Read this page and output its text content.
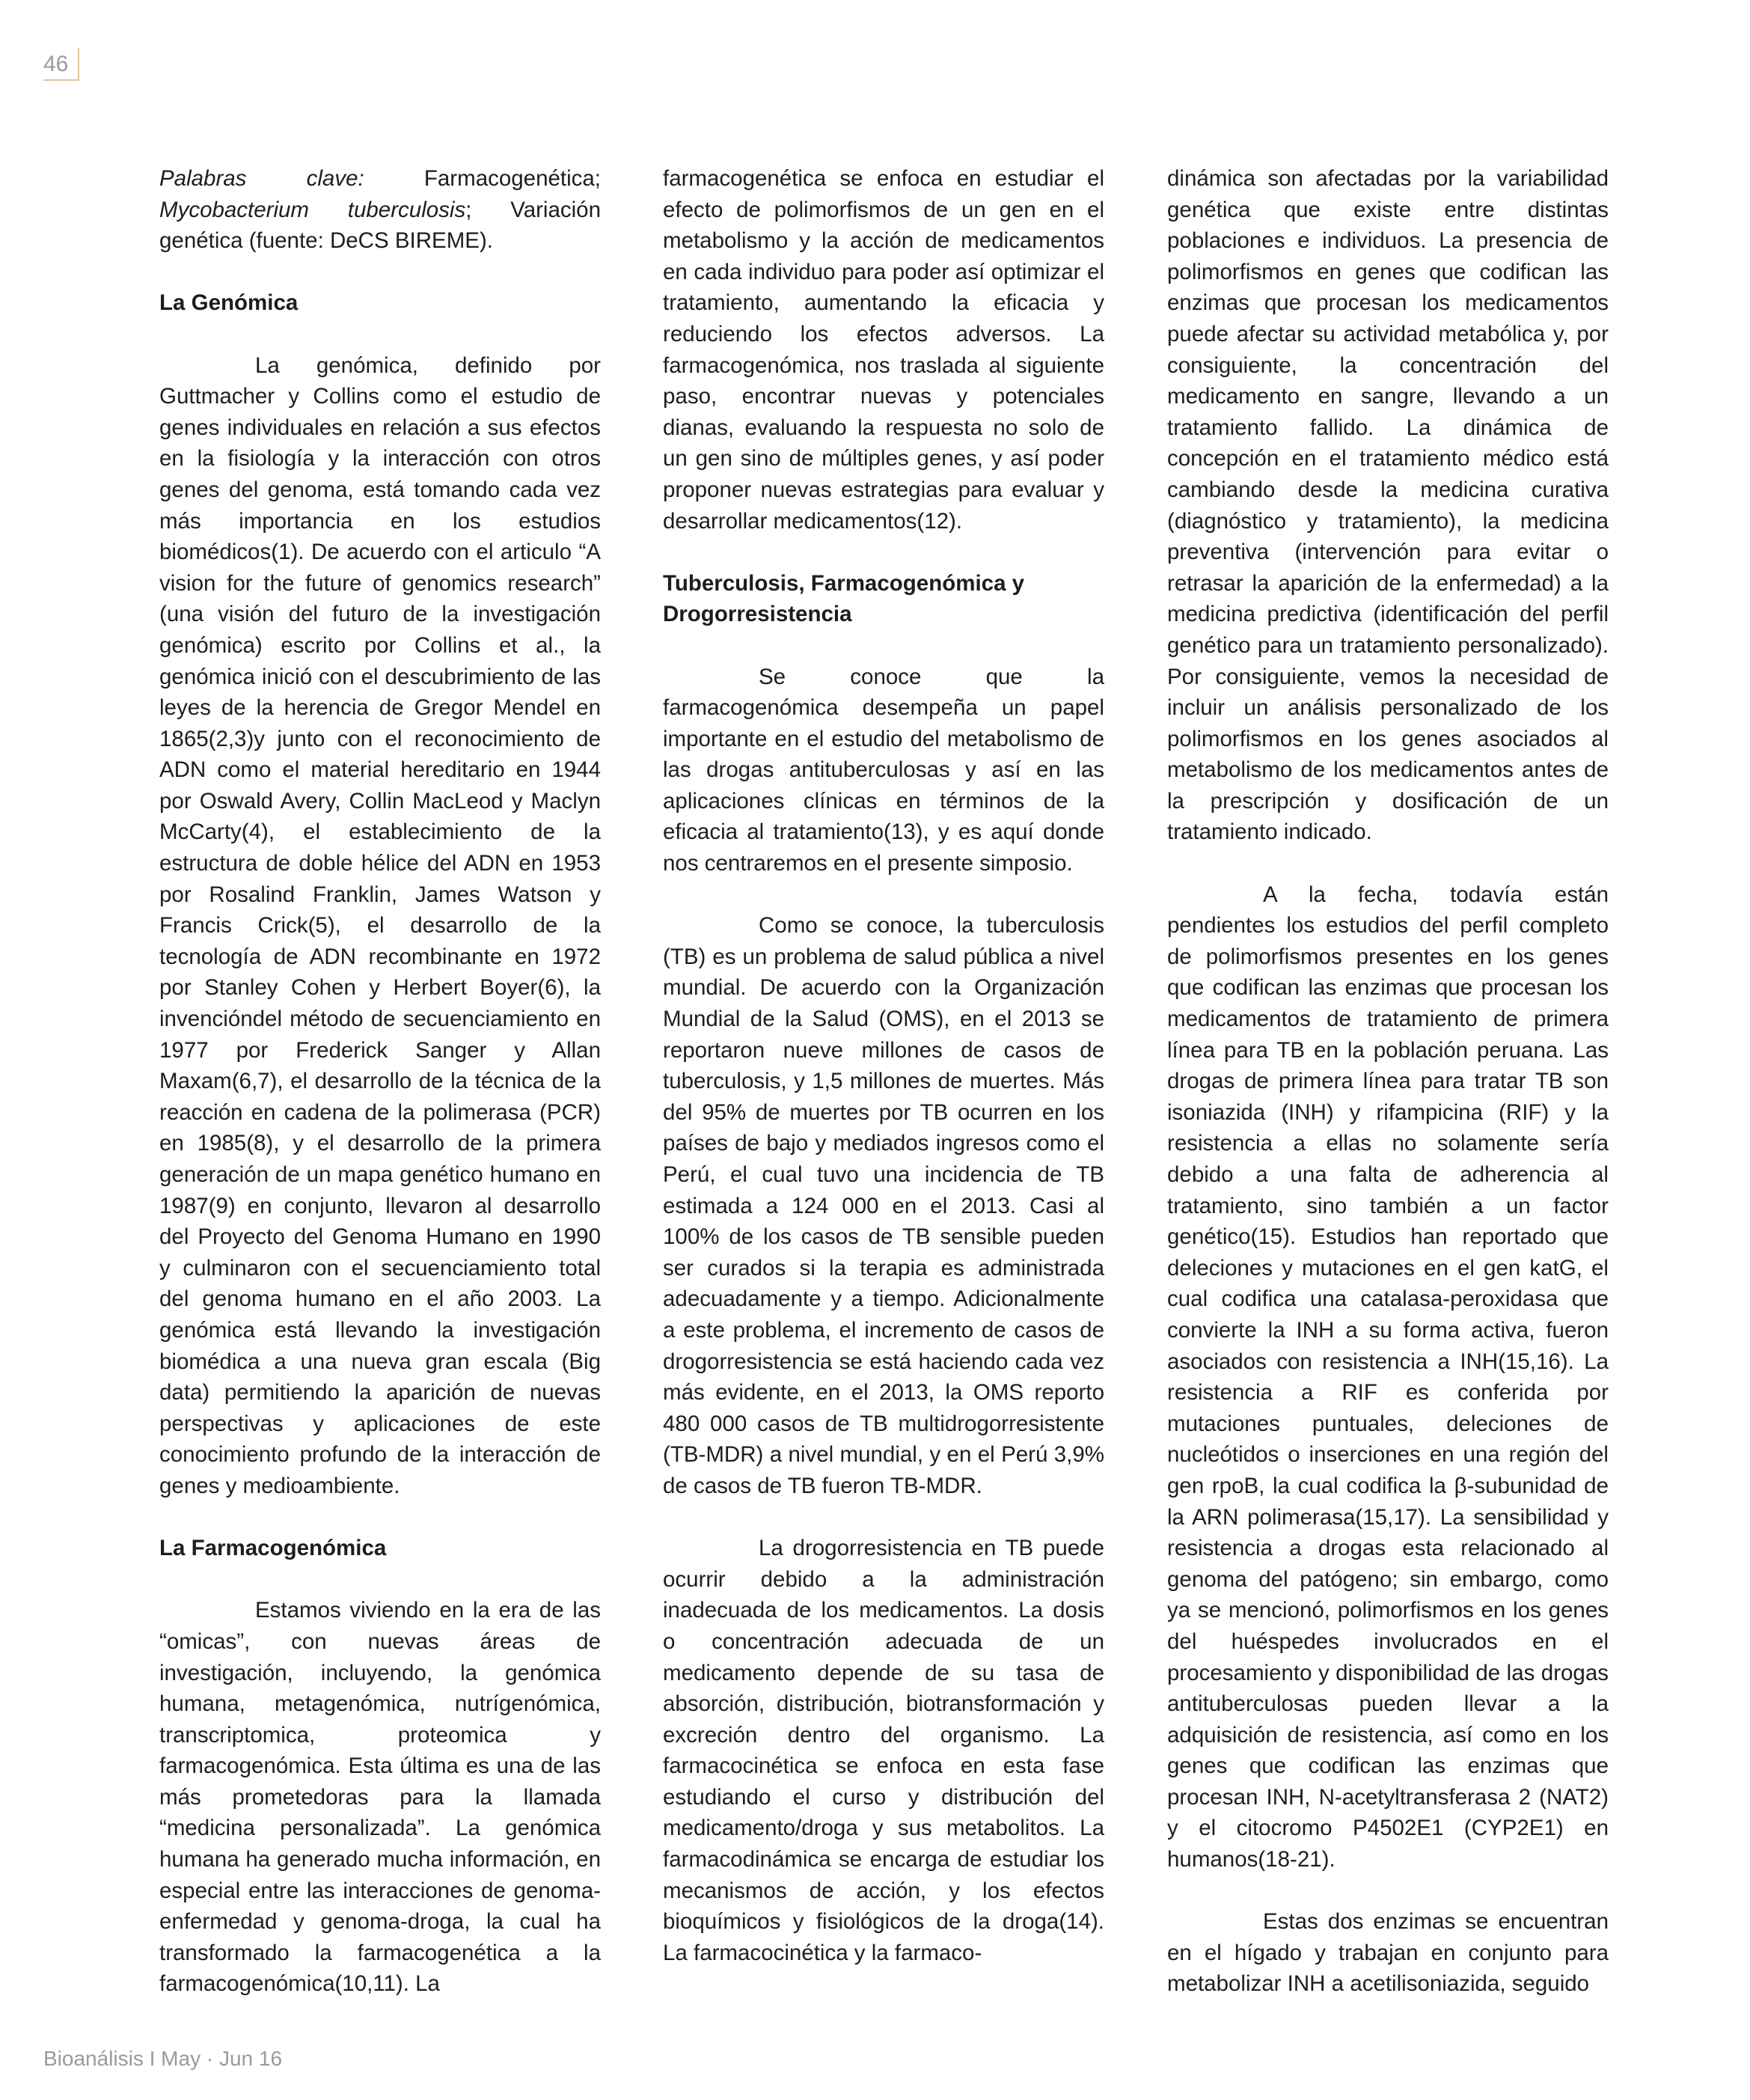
46

Palabras clave: Farmacogenética; Mycobacterium tuberculosis; Variación genética (fuente: DeCS BIREME).

La Genómica

La genómica, definido por Guttmacher y Collins como el estudio de genes individuales en relación a sus efectos en la fisiología y la interacción con otros genes del genoma, está tomando cada vez más importancia en los estudios biomédicos(1). De acuerdo con el articulo “A vision for the future of genomics research” (una visión del futuro de la investigación genómica) escrito por Collins et al., la genómica inició con el descubrimiento de las leyes de la herencia de Gregor Mendel en 1865(2,3)y junto con el reconocimiento de ADN como el material hereditario en 1944 por Oswald Avery, Collin MacLeod y Maclyn McCarty(4), el establecimiento de la estructura de doble hélice del ADN en 1953 por Rosalind Franklin, James Watson y Francis Crick(5), el desarrollo de la tecnología de ADN recombinante en 1972 por Stanley Cohen y Herbert Boyer(6), la invencióndel método de secuenciamiento en 1977 por Frederick Sanger y Allan Maxam(6,7), el desarrollo de la técnica de la reacción en cadena de la polimerasa (PCR) en 1985(8), y el desarrollo de la primera generación de un mapa genético humano en 1987(9) en conjunto, llevaron al desarrollo del Proyecto del Genoma Humano en 1990 y culminaron con el secuenciamiento total del genoma humano en el año 2003. La genómica está llevando la investigación biomédica a una nueva gran escala (Big data) permitiendo la aparición de nuevas perspectivas y aplicaciones de este conocimiento profundo de la interacción de genes y medioambiente.

La Farmacogenómica

Estamos viviendo en la era de las “omicas”, con nuevas áreas de investigación, incluyendo, la genómica humana, metagenómica, nutrígenómica, transcriptomica, proteomica y farmacogenómica. Esta última es una de las más prometedoras para la llamada “medicina personalizada”. La genómica humana ha generado mucha información, en especial entre las interacciones de genoma-enfermedad y genoma-droga, la cual ha transformado la farmacogenética a la farmacogenómica(10,11). La

farmacogenética se enfoca en estudiar el efecto de polimorfismos de un gen en el metabolismo y la acción de medicamentos en cada individuo para poder así optimizar el tratamiento, aumentando la eficacia y reduciendo los efectos adversos. La farmacogenómica, nos traslada al siguiente paso, encontrar nuevas y potenciales dianas, evaluando la respuesta no solo de un gen sino de múltiples genes, y así poder proponer nuevas estrategias para evaluar y desarrollar medicamentos(12).

Tuberculosis, Farmacogenómica y Drogorresistencia

Se conoce que la farmacogenómica desempeña un papel importante en el estudio del metabolismo de las drogas antituberculosas y así en las aplicaciones clínicas en términos de la eficacia al tratamiento(13), y es aquí donde nos centraremos en el presente simposio.

Como se conoce, la tuberculosis (TB) es un problema de salud pública a nivel mundial. De acuerdo con la Organización Mundial de la Salud (OMS), en el 2013 se reportaron nueve millones de casos de tuberculosis, y 1,5 millones de muertes. Más del 95% de muertes por TB ocurren en los países de bajo y mediados ingresos como el Perú, el cual tuvo una incidencia de TB estimada a 124 000 en el 2013. Casi al 100% de los casos de TB sensible pueden ser curados si la terapia es administrada adecuadamente y a tiempo. Adicionalmente a este problema, el incremento de casos de drogorresistencia se está haciendo cada vez más evidente, en el 2013, la OMS reporto 480 000 casos de TB multidrogorresistente (TB-MDR) a nivel mundial, y en el Perú 3,9% de casos de TB fueron TB-MDR.

La drogorresistencia en TB puede ocurrir debido a la administración inadecuada de los medicamentos. La dosis o concentración adecuada de un medicamento depende de su tasa de absorción, distribución, biotransformación y excreción dentro del organismo. La farmacocinética se enfoca en esta fase estudiando el curso y distribución del medicamento/droga y sus metabolitos. La farmacodinámica se encarga de estudiar los mecanismos de acción, y los efectos bioquímicos y fisiológicos de la droga(14). La farmacocinética y la farmaco-

dinámica son afectadas por la variabilidad genética que existe entre distintas poblaciones e individuos. La presencia de polimorfismos en genes que codifican las enzimas que procesan los medicamentos puede afectar su actividad metabólica y, por consiguiente, la concentración del medicamento en sangre, llevando a un tratamiento fallido. La dinámica de concepción en el tratamiento médico está cambiando desde la medicina curativa (diagnóstico y tratamiento), la medicina preventiva (intervención para evitar o retrasar la aparición de la enfermedad) a la medicina predictiva (identificación del perfil genético para un tratamiento personalizado). Por consiguiente, vemos la necesidad de incluir un análisis personalizado de los polimorfismos en los genes asociados al metabolismo de los medicamentos antes de la prescripción y dosificación de un tratamiento indicado.

A la fecha, todavía están pendientes los estudios del perfil completo de polimorfismos presentes en los genes que codifican las enzimas que procesan los medicamentos de tratamiento de primera línea para TB en la población peruana. Las drogas de primera línea para tratar TB son isoniazida (INH) y rifampicina (RIF) y la resistencia a ellas no solamente sería debido a una falta de adherencia al tratamiento, sino también a un factor genético(15). Estudios han reportado que deleciones y mutaciones en el gen katG, el cual codifica una catalasa-peroxidasa que convierte la INH a su forma activa, fueron asociados con resistencia a INH(15,16). La resistencia a RIF es conferida por mutaciones puntuales, deleciones de nucleótidos o inserciones en una región del gen rpoB, la cual codifica la β-subunidad de la ARN polimerasa(15,17). La sensibilidad y resistencia a drogas esta relacionado al genoma del patógeno; sin embargo, como ya se mencionó, polimorfismos en los genes del huéspedes involucrados en el procesamiento y disponibilidad de las drogas antituberculosas pueden llevar a la adquisición de resistencia, así como en los genes que codifican las enzimas que procesan INH, N-acetyltransferasa 2 (NAT2) y el citocromo P4502E1 (CYP2E1) en humanos(18-21).

Estas dos enzimas se encuentran en el hígado y trabajan en conjunto para metabolizar INH a acetilisoniazida, seguido

Bioanálisis I May · Jun 16
